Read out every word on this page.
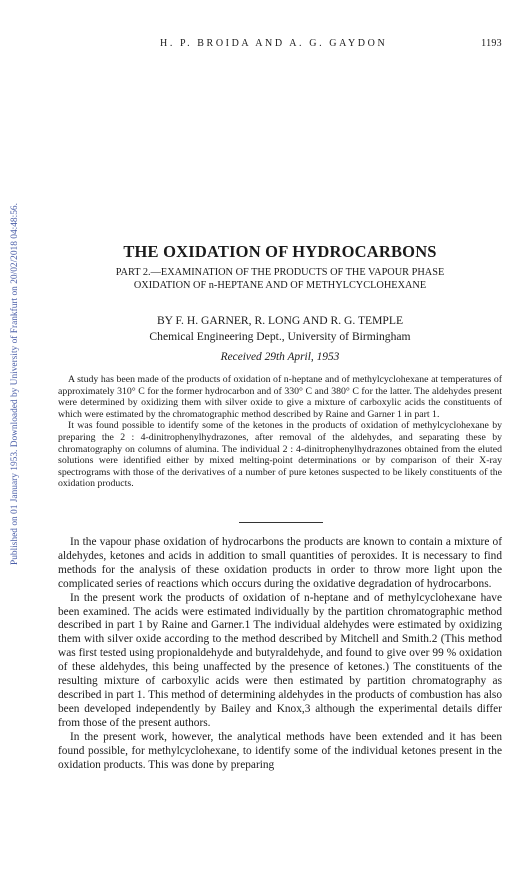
Published on 01 January 1953. Downloaded by University of Frankfurt on 20/02/2018 04:48:56.
H. P. BROIDA AND A. G. GAYDON	1193
THE OXIDATION OF HYDROCARBONS
PART 2.—EXAMINATION OF THE PRODUCTS OF THE VAPOUR PHASE
OXIDATION OF n-HEPTANE AND OF METHYLCYCLOHEXANE
BY F. H. GARNER, R. LONG AND R. G. TEMPLE
Chemical Engineering Dept., University of Birmingham
Received 29th April, 1953

A study has been made of the products of oxidation of n-heptane and of methylcyclohexane at temperatures of approximately 310° C for the former hydrocarbon and of 330° C and 380° C for the latter. The aldehydes present were determined by oxidizing them with silver oxide to give a mixture of carboxylic acids the constituents of which were estimated by the chromatographic method described by Raine and Garner 1 in part 1.

It was found possible to identify some of the ketones in the products of oxidation of methylcyclohexane by preparing the 2 : 4-dinitrophenylhydrazones, after removal of the aldehydes, and separating these by chromatography on columns of alumina. The individual 2 : 4-dinitrophenylhydrazones obtained from the eluted solutions were identified either by mixed melting-point determinations or by comparison of their X-ray spectrograms with those of the derivatives of a number of pure ketones suspected to be likely constituents of the oxidation products.

In the vapour phase oxidation of hydrocarbons the products are known to contain a mixture of aldehydes, ketones and acids in addition to small quantities of peroxides. It is necessary to find methods for the analysis of these oxidation products in order to throw more light upon the complicated series of reactions which occurs during the oxidative degradation of hydrocarbons.

In the present work the products of oxidation of n-heptane and of methylcyclohexane have been examined. The acids were estimated individually by the partition chromatographic method described in part 1 by Raine and Garner.1 The individual aldehydes were estimated by oxidizing them with silver oxide according to the method described by Mitchell and Smith.2 (This method was first tested using propionaldehyde and butyraldehyde, and found to give over 99 % oxidation of these aldehydes, this being unaffected by the presence of ketones.) The constituents of the resulting mixture of carboxylic acids were then estimated by partition chromatography as described in part 1. This method of determining aldehydes in the products of combustion has also been developed independently by Bailey and Knox,3 although the experimental details differ from those of the present authors.

In the present work, however, the analytical methods have been extended and it has been found possible, for methylcyclohexane, to identify some of the individual ketones present in the oxidation products. This was done by preparing
